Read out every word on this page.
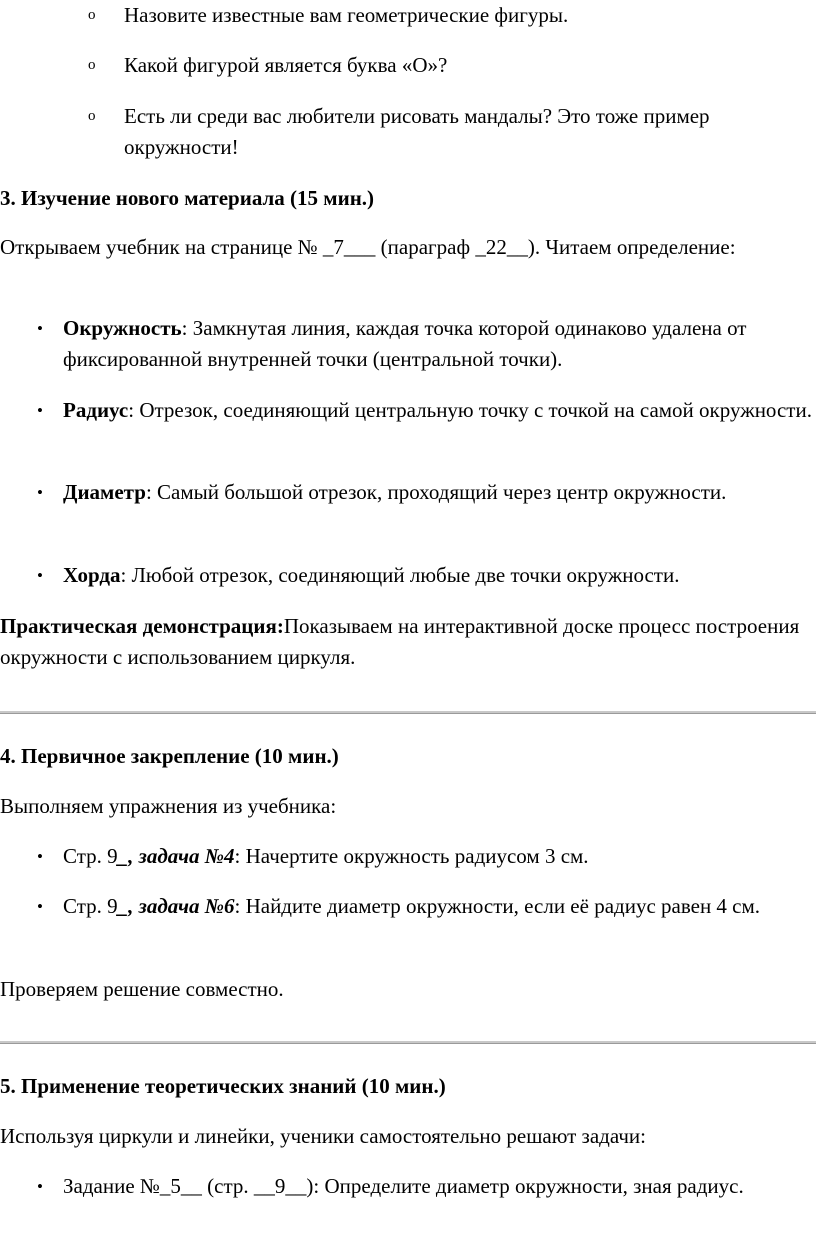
o	Назовите известные вам геометрические фигуры.
o	Какой фигурой является буква «О»?
o	Есть ли среди вас любители рисовать мандалы? Это тоже пример окружности!
3. Изучение нового материала (15 мин.)
Открываем учебник на странице № _7___ (параграф _22__). Читаем определение:
• Окружность: Замкнутая линия, каждая точка которой одинаково удалена от фиксированной внутренней точки (центральной точки).
• Радиус: Отрезок, соединяющий центральную точку с точкой на самой окружности.
• Диаметр: Самый большой отрезок, проходящий через центр окружности.
• Хорда: Любой отрезок, соединяющий любые две точки окружности.
Практическая демонстрация:Показываем на интерактивной доске процесс построения окружности с использованием циркуля.
4. Первичное закрепление (10 мин.)
Выполняем упражнения из учебника:
• Стр. 9_, задача №4: Начертите окружность радиусом 3 см.
• Стр. 9_, задача №6: Найдите диаметр окружности, если её радиус равен 4 см.
Проверяем решение совместно.
5. Применение теоретических знаний (10 мин.)
Используя циркули и линейки, ученики самостоятельно решают задачи:
• Задание №_5__ (стр. __9__): Определите диаметр окружности, зная радиус.
